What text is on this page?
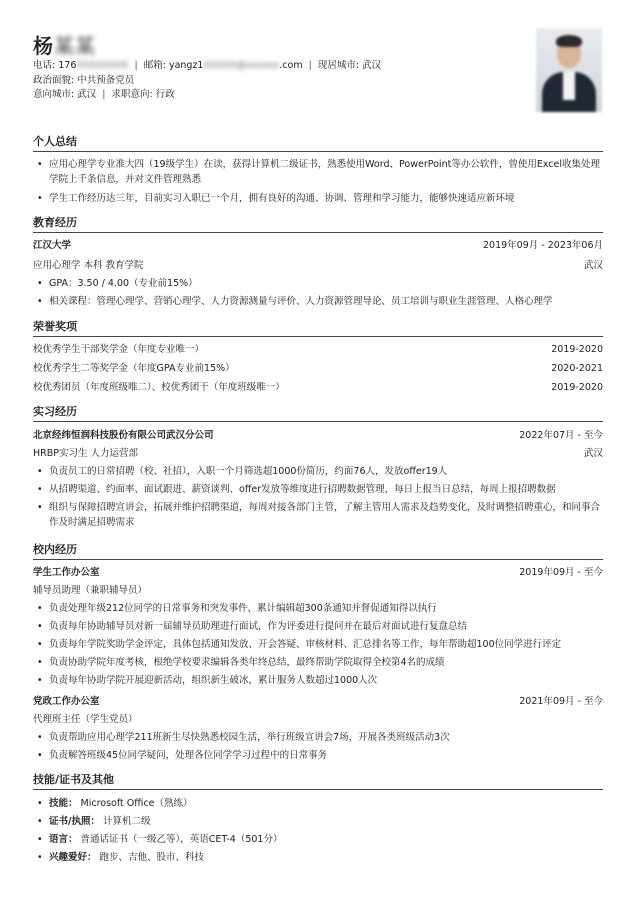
杨某某
电话: 176XXXXXXXX | 邮箱: yangz1XXXXX@xxxxxx.com | 现居城市: 武汉
政治面貌: 中共预备党员
意向城市: 武汉 | 求职意向: 行政
个人总结
• 应用心理学专业准大四（19级学生）在读，获得计算机二级证书，熟悉使用Word、PowerPoint等办公软件，曾使用Excel收集处理学院上千条信息，并对文件管理熟悉
• 学生工作经历达三年，目前实习入职已一个月，拥有良好的沟通、协调、管理和学习能力，能够快速适应新环境
教育经历
江汉大学	2019年09月 - 2023年06月
应用心理学 本科 教育学院	武汉
• GPA：3.50 / 4.00（专业前15%）
• 相关课程：管理心理学、营销心理学、人力资源测量与评价、人力资源管理导论、员工培训与职业生涯管理、人格心理学
荣誉奖项
校优秀学生干部奖学金（年度专业唯一）	2019-2020
校优秀学生二等奖学金（年度GPA专业前15%）	2020-2021
校优秀团员（年度班级唯二）、校优秀团干（年度班级唯一）	2019-2020
实习经历
北京经纬恒润科技股份有限公司武汉分公司	2022年07月 - 至今
HRBP实习生 人力运营部	武汉
• 负责员工的日常招聘（校、社招），入职一个月筛选超1000份简历，约面76人，发放offer19人
• 从招聘渠道、约面率、面试跟进、薪资谈判、offer发放等维度进行招聘数据管理，每日上报当日总结，每周上报招聘数据
• 组织与保障招聘宣讲会，拓展并维护招聘渠道，每周对接各部门主管，了解主管用人需求及趋势变化，及时调整招聘重心，和同事合作及时满足招聘需求
校内经历
学生工作办公室	2019年09月 - 至今
辅导员助理（兼职辅导员）
• 负责处理年级212位同学的日常事务和突发事件，累计编辑超300条通知并督促通知得以执行
• 负责每年协助辅导员对新一届辅导员助理进行面试，作为评委进行提问并在最后对面试进行复盘总结
• 负责每年学院奖助学金评定，具体包括通知发放、开会答疑、审核材料、汇总排名等工作，每年帮助超100位同学进行评定
• 负责协助学院年度考核，根绝学校要求编辑各类年终总结，最终帮助学院取得全校第4名的成绩
• 负责每年协助学院开展迎新活动，组织新生破冰，累计服务人数超过1000人次
党政工作办公室	2021年09月 - 至今
代理班主任（学生党员）
• 负责帮助应用心理学211班新生尽快熟悉校园生活，举行班级宣讲会7场，开展各类班级活动3次
• 负责解答班级45位同学疑问，处理各位同学学习过程中的日常事务
技能/证书及其他
• 技能： Microsoft Office（熟练）
• 证书/执照： 计算机二级
• 语言： 普通话证书（一级乙等），英语CET-4（501分）
• 兴趣爱好： 跑步、吉他、股市、科技
